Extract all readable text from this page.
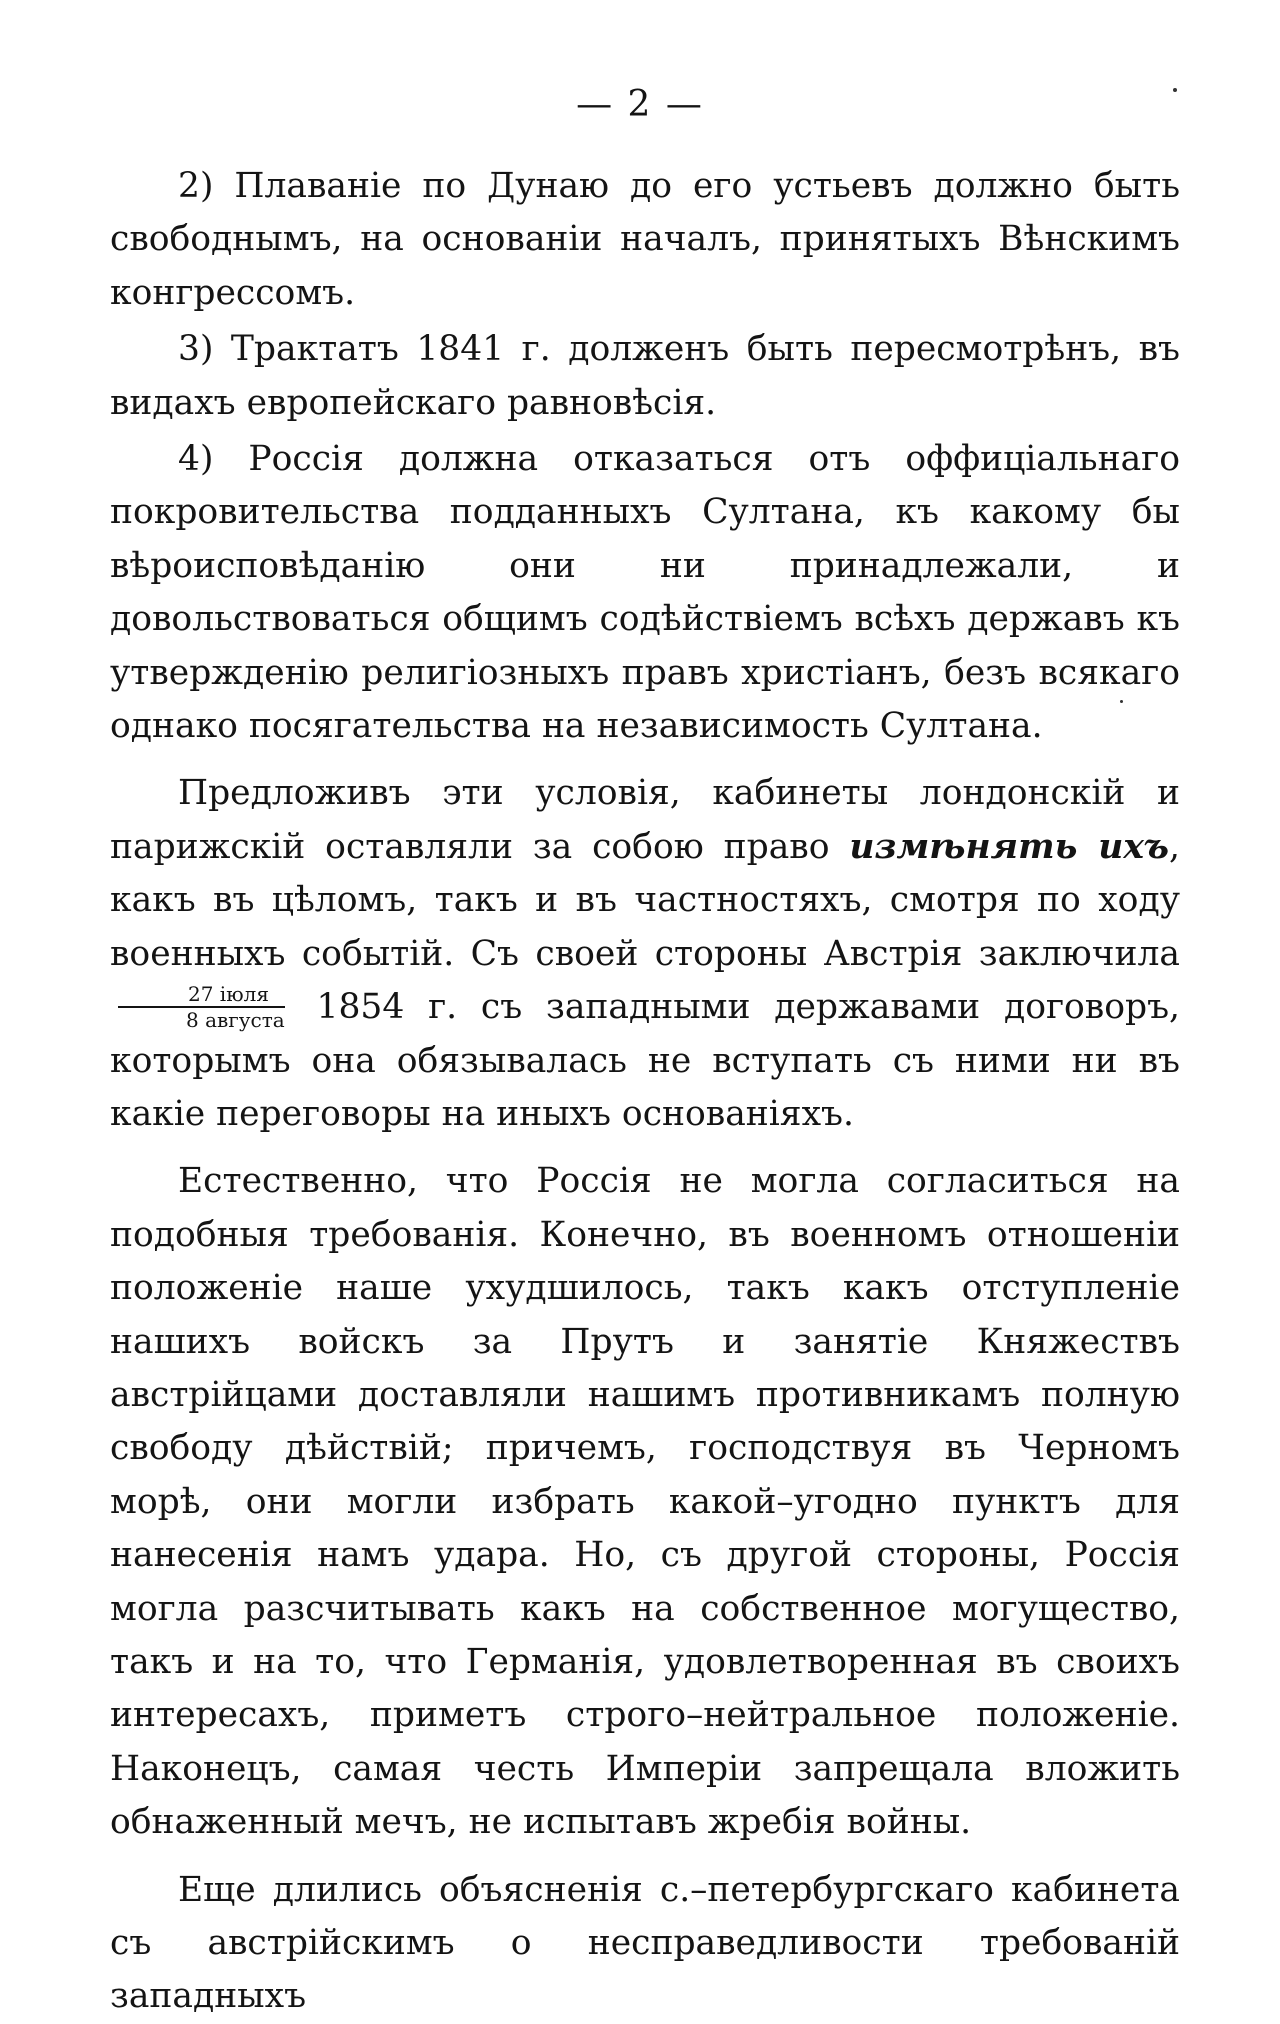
— 2 —

2) Плаванiе по Дунаю до его устьевъ должно быть свободнымъ, на основанiи началъ, принятыхъ Вѣнскимъ конгрессомъ.

3) Трактатъ 1841 г. долженъ быть пересмотрѣнъ, въ видахъ европейскаго равновѣсiя.

4) Россiя должна отказаться отъ оффицiальнаго покровительства подданныхъ Султана, къ какому бы вѣроисповѣданiю они ни принадлежали, и довольствоваться общимъ содѣйствiемъ всѣхъ державъ къ утвержденiю религiозныхъ правъ христiанъ, безъ всякаго однако посягательства на независимость Султана.

Предложивъ эти условiя, кабинеты лондонскiй и парижскiй оставляли за собою право измѣнять ихъ, какъ въ цѣломъ, такъ и въ частностяхъ, смотря по ходу военныхъ событiй. Съ своей стороны Австрiя заключила
$\frac{\text{27 iюля}}{\text{8 августа}} 1854$ г. съ западными державами договоръ, которымъ она обязывалась не вступать съ ними ни въ какiе переговоры на иныхъ основанiяхъ.

Естественно, что Россiя не могла согласиться на подобныя требованiя. Конечно, въ военномъ отношенiи положенiе наше ухудшилось, такъ какъ отступленiе нашихъ войскъ за Прутъ и занятiе Княжествъ австрiйцами доставляли нашимъ противникамъ полную свободу дѣйствiй; причемъ, господствуя въ Черномъ морѣ, они могли избрать какой–угодно пунктъ для нанесенiя намъ удара. Но, съ другой стороны, Россiя могла разсчитывать какъ на собственное могущество, такъ и на то, что Германiя, удовлетворенная въ своихъ интересахъ, приметъ строго–нейтральное положенiе. Наконецъ, самая честь Имперiи запрещала вложить обнаженный мечъ, не испытавъ жребiя войны.

Еще длились объясненiя с.–петербургскаго кабинета съ австрiйскимъ о несправедливости требованiй западныхъ
